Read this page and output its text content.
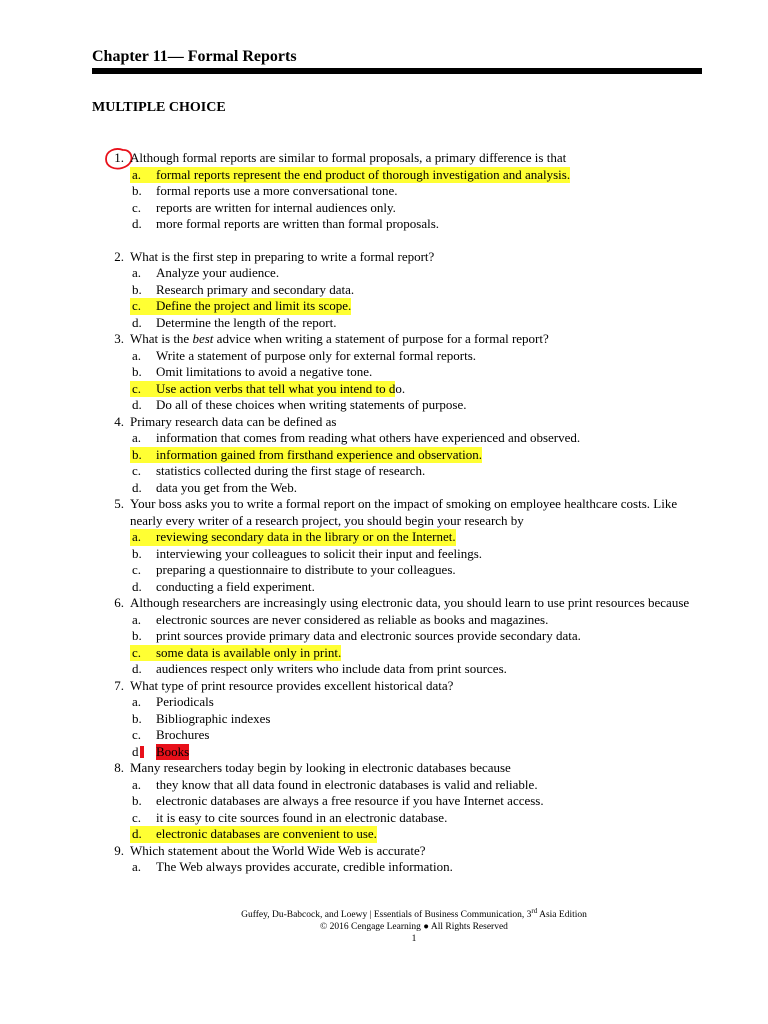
Chapter 11— Formal Reports
MULTIPLE CHOICE
1. Although formal reports are similar to formal proposals, a primary difference is that
a.	formal reports represent the end product of thorough investigation and analysis.
b.	formal reports use a more conversational tone.
c.	reports are written for internal audiences only.
d.	more formal reports are written than formal proposals.
2. What is the first step in preparing to write a formal report?
a.	Analyze your audience.
b.	Research primary and secondary data.
c.	Define the project and limit its scope.
d.	Determine the length of the report.
3. What is the best advice when writing a statement of purpose for a formal report?
a.	Write a statement of purpose only for external formal reports.
b.	Omit limitations to avoid a negative tone.
c.	Use action verbs that tell what you intend to d o.
d.	Do all of these choices when writing statements of purpose.
4. Primary research data can be defined as
a.	information that comes from reading what others have experienced and observed.
b.	information gained from firsthand experience and observation.
c.	statistics collected during the first stage of research.
d.	data you get from the Web.
5. Your boss asks you to write a formal report on the impact of smoking on employee healthcare costs. Like nearly every writer of a research project, you should begin your research by
a.	reviewing secondary data in the library or on the Internet.
b.	interviewing your colleagues to solicit their input and feelings.
c.	preparing a questionnaire to distribute to your colleagues.
d.	conducting a field experiment.
6. Although researchers are increasingly using electronic data, you should learn to use print resources because
a.	electronic sources are never considered as reliable as books and magazines.
b.	print sources provide primary data and electronic sources provide secondary data.
c.	some data is available only in print.
d.	audiences respect only writers who include data from print sources.
7. What type of print resource provides excellent historical data?
a.	Periodicals
b.	Bibliographic indexes
c.	Brochures
d	Books
8. Many researchers today begin by looking in electronic databases because
a.	they know that all data found in electronic databases is valid and reliable.
b.	electronic databases are always a free resource if you have Internet access.
c.	it is easy to cite sources found in an electronic database.
d.	electronic databases are convenient to use.
9. Which statement about the World Wide Web is accurate?
a.	The Web always provides accurate, credible information.
Guffey, Du-Babcock, and Loewy | Essentials of Business Communication, 3rd Asia Edition
© 2016 Cengage Learning ● All Rights Reserved
1
